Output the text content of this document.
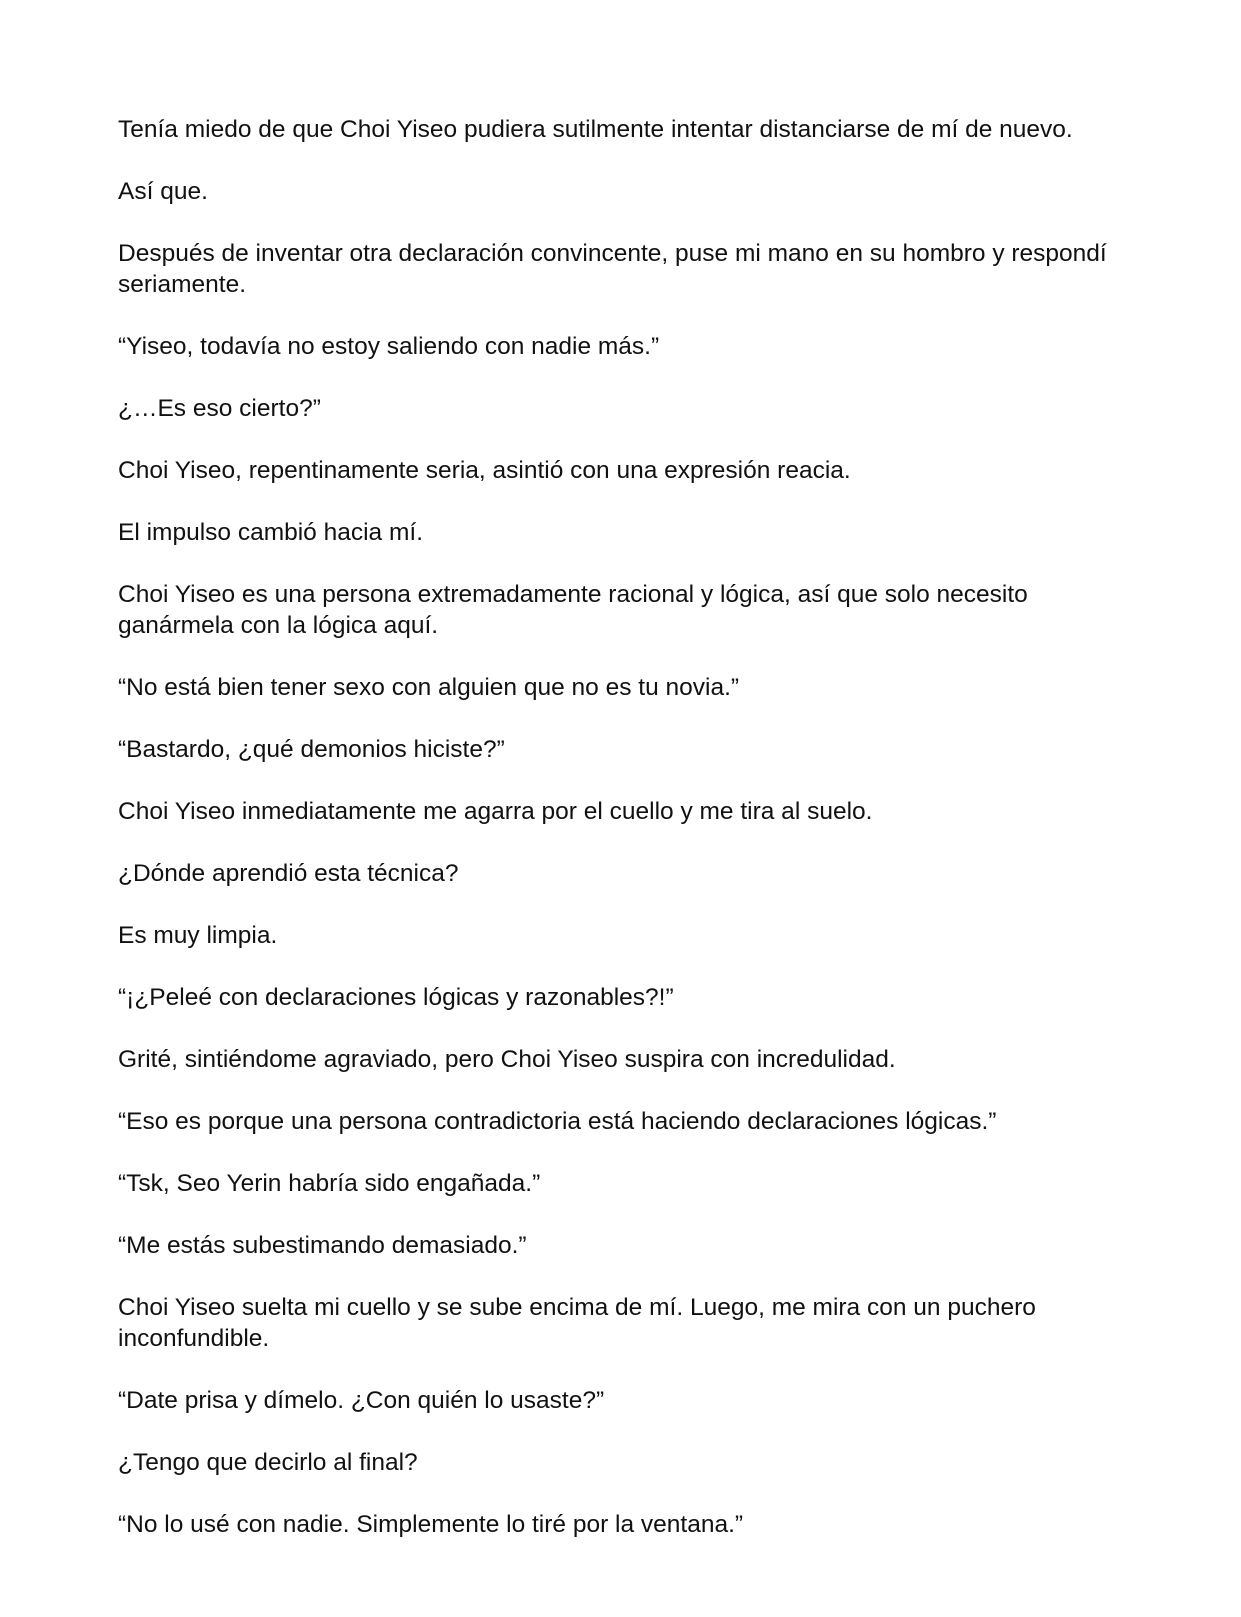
Tenía miedo de que Choi Yiseo pudiera sutilmente intentar distanciarse de mí de nuevo.

Así que.

Después de inventar otra declaración convincente, puse mi mano en su hombro y respondí seriamente.

“Yiseo, todavía no estoy saliendo con nadie más.”

¿…Es eso cierto?”

Choi Yiseo, repentinamente seria, asintió con una expresión reacia.

El impulso cambió hacia mí.

Choi Yiseo es una persona extremadamente racional y lógica, así que solo necesito ganármela con la lógica aquí.

“No está bien tener sexo con alguien que no es tu novia.”

“Bastardo, ¿qué demonios hiciste?”

Choi Yiseo inmediatamente me agarra por el cuello y me tira al suelo.

¿Dónde aprendió esta técnica?

Es muy limpia.

“¡¿Peleé con declaraciones lógicas y razonables?!”

Grité, sintiéndome agraviado, pero Choi Yiseo suspira con incredulidad.

“Eso es porque una persona contradictoria está haciendo declaraciones lógicas.”

“Tsk, Seo Yerin habría sido engañada.”

“Me estás subestimando demasiado.”

Choi Yiseo suelta mi cuello y se sube encima de mí. Luego, me mira con un puchero inconfundible.

“Date prisa y dímelo. ¿Con quién lo usaste?”

¿Tengo que decirlo al final?

“No lo usé con nadie. Simplemente lo tiré por la ventana.”
